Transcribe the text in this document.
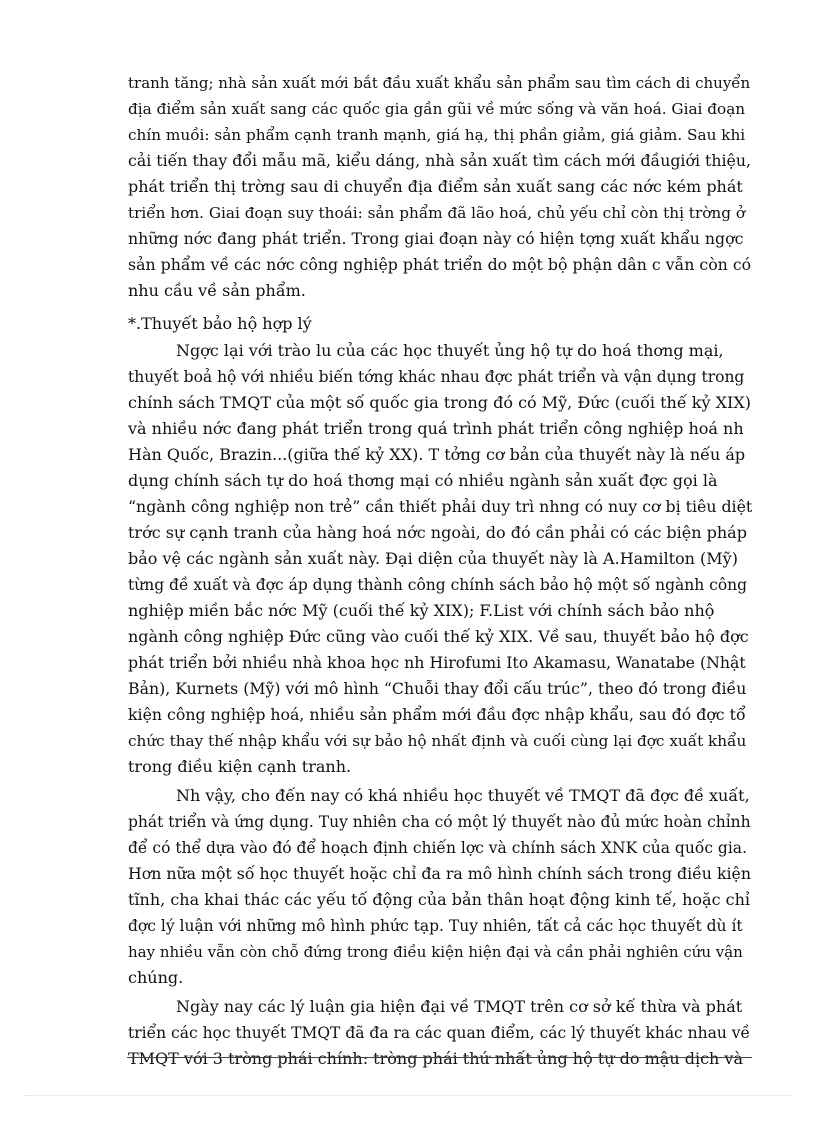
tranh tăng; nhà sản xuất mới bắt đầu xuất khẩu sản phẩm sau tìm cách di chuyển
địa điểm sản xuất sang các quốc gia gần gũi về mức sống và văn hoá. Giai đoạn
chín muồi: sản phẩm cạnh tranh mạnh, giá hạ, thị phần giảm, giá giảm. Sau khi
cải tiến thay đổi mẫu mã, kiểu dáng, nhà sản xuất tìm cách mới đầugiới thiệu,
phát triển thị trờng sau di chuyển địa điểm sản xuất sang các nớc kém phát
triển hơn. Giai đoạn suy thoái: sản phẩm đã lão hoá, chủ yếu chỉ còn thị trờng ở
những nớc đang phát triển. Trong giai đoạn này có hiện tợng xuất khẩu ngợc
sản phẩm về các nớc công nghiệp phát triển do một bộ phận dân c vẫn còn có
nhu cầu về sản phẩm.
*.Thuyết bảo hộ hợp lý
Ngợc lại với trào lu của các học thuyết ủng hộ tự do hoá thơng mại,
thuyết boả hộ với nhiều biến tớng khác nhau đợc phát triển và vận dụng trong
chính sách TMQT của một số quốc gia trong đó có Mỹ, Đức (cuối thế kỷ XIX)
và nhiều nớc đang phát triển trong quá trình phát triển công nghiệp hoá nh
Hàn Quốc, Brazin...(giữa thế kỷ XX). T tởng cơ bản của thuyết này là nếu áp
dụng chính sách tự do hoá thơng mại có nhiều ngành sản xuất đợc gọi là
“ngành công nghiệp non trẻ” cần thiết phải duy trì nhng có nuy cơ bị tiêu diệt
trớc sự cạnh tranh của hàng hoá nớc ngoài, do đó cần phải có các biện pháp
bảo vệ các ngành sản xuất này. Đại diện của thuyết này là A.Hamilton (Mỹ)
từng đề xuất và đợc áp dụng thành công chính sách bảo hộ một số ngành công
nghiệp miền bắc nớc Mỹ (cuối thế kỷ XIX); F.List với chính sách bảo nhộ
ngành công nghiệp Đức cũng vào cuối thế kỷ XIX. Về sau, thuyết bảo hộ đợc
phát triển bởi nhiều nhà khoa học nh Hirofumi Ito Akamasu, Wanatabe (Nhật
Bản), Kurnets (Mỹ) với mô hình “Chuỗi thay đổi cấu trúc”, theo đó trong điều
kiện công nghiệp hoá, nhiều sản phẩm mới đầu đợc nhập khẩu, sau đó đợc tổ
chức thay thế nhập khẩu với sự bảo hộ nhất định và cuối cùng lại đợc xuất khẩu
trong điều kiện cạnh tranh.
Nh vậy, cho đến nay có khá nhiều học thuyết về TMQT đã đợc đề xuất,
phát triển và ứng dụng. Tuy nhiên cha có một lý thuyết nào đủ mức hoàn chỉnh
để có thể dựa vào đó để hoạch định chiến lợc và chính sách XNK của quốc gia.
Hơn nữa một số học thuyết hoặc chỉ đa ra mô hình chính sách trong điều kiện
tĩnh, cha khai thác các yếu tố động của bản thân hoạt động kinh tế, hoặc chỉ
đợc lý luận với những mô hình phức tạp. Tuy nhiên, tất cả các học thuyết dù ít
hay nhiều vẫn còn chỗ đứng trong điều kiện hiện đại và cần phải nghiên cứu vận
chúng.
Ngày nay các lý luận gia hiện đại về TMQT trên cơ sở kế thừa và phát
triển các học thuyết TMQT đã đa ra các quan điểm, các lý thuyết khác nhau về
TMQT với 3 trờng phái chính: trờng phái thứ nhất ủng hộ tự do mậu dịch và
